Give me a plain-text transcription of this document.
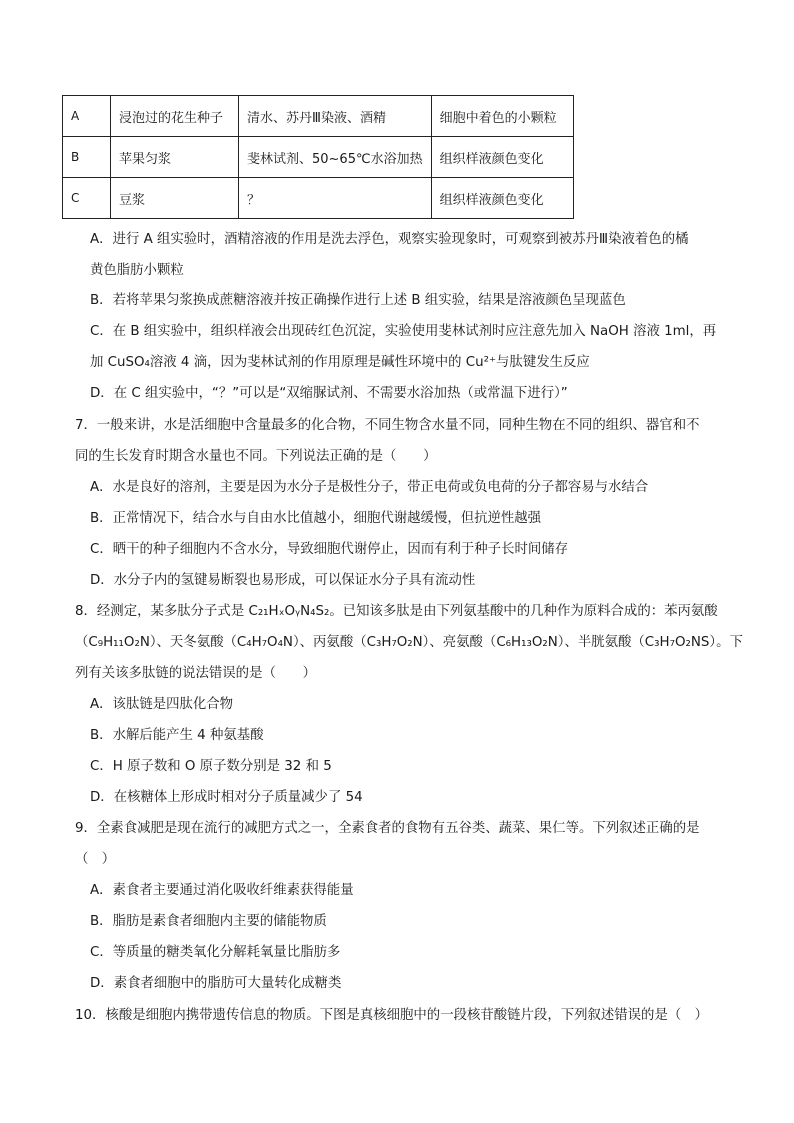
A	浸泡过的花生种子	清水、苏丹Ⅲ染液、酒精	细胞中着色的小颗粒
B	苹果匀浆	斐林试剂、50~65℃水浴加热	组织样液颜色变化
C	豆浆	？	组织样液颜色变化
A．进行 A 组实验时，酒精溶液的作用是洗去浮色，观察实验现象时，可观察到被苏丹Ⅲ染液着色的橘
黄色脂肪小颗粒
B．若将苹果匀浆换成蔗糖溶液并按正确操作进行上述 B 组实验，结果是溶液颜色呈现蓝色
C．在 B 组实验中，组织样液会出现砖红色沉淀，实验使用斐林试剂时应注意先加入 NaOH 溶液 1ml，再
加 CuSO₄溶液 4 滴，因为斐林试剂的作用原理是碱性环境中的 Cu²⁺与肽键发生反应
D．在 C 组实验中，“？”可以是“双缩脲试剂、不需要水浴加热（或常温下进行）”
7．一般来讲，水是活细胞中含量最多的化合物，不同生物含水量不同，同种生物在不同的组织、器官和不
同的生长发育时期含水量也不同。下列说法正确的是（　　）
A．水是良好的溶剂，主要是因为水分子是极性分子，带正电荷或负电荷的分子都容易与水结合
B．正常情况下，结合水与自由水比值越小，细胞代谢越缓慢，但抗逆性越强
C．晒干的种子细胞内不含水分，导致细胞代谢停止，因而有利于种子长时间储存
D．水分子内的氢键易断裂也易形成，可以保证水分子具有流动性
8．经测定，某多肽分子式是 C₂₁HₓOᵧN₄S₂。已知该多肽是由下列氨基酸中的几种作为原料合成的：苯丙氨酸
（C₉H₁₁O₂N）、天冬氨酸（C₄H₇O₄N）、丙氨酸（C₃H₇O₂N）、亮氨酸（C₆H₁₃O₂N）、半胱氨酸（C₃H₇O₂NS）。下
列有关该多肽链的说法错误的是（　　）
A．该肽链是四肽化合物
B．水解后能产生 4 种氨基酸
C．H 原子数和 O 原子数分别是 32 和 5
D．在核糖体上形成时相对分子质量减少了 54
9．全素食减肥是现在流行的减肥方式之一，全素食者的食物有五谷类、蔬菜、果仁等。下列叙述正确的是
（　）
A．素食者主要通过消化吸收纤维素获得能量
B．脂肪是素食者细胞内主要的储能物质
C．等质量的糖类氧化分解耗氧量比脂肪多
D．素食者细胞中的脂肪可大量转化成糖类
10．核酸是细胞内携带遗传信息的物质。下图是真核细胞中的一段核苷酸链片段，下列叙述错误的是（　）
